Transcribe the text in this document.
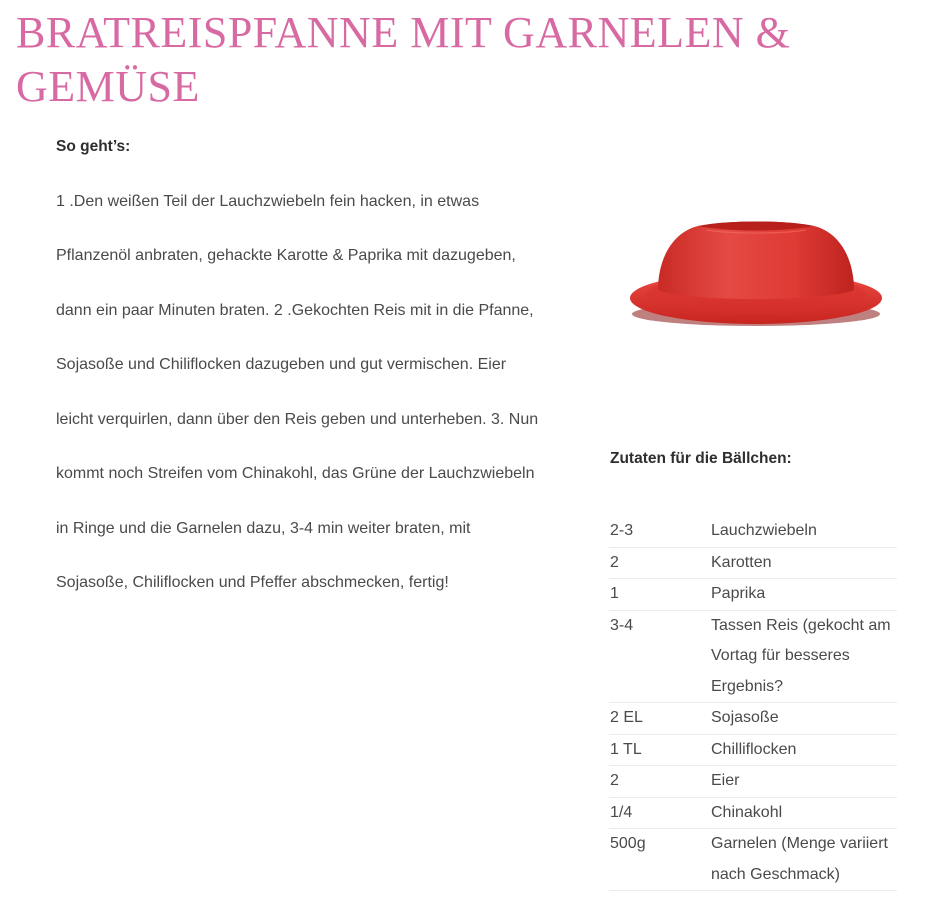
BRATREISPFANNE MIT GARNELEN & GEMÜSE

So geht’s:

1 .Den weißen Teil der Lauchzwiebeln fein hacken, in etwas Pflanzenöl anbraten, gehackte Karotte & Paprika mit dazugeben, dann ein paar Minuten braten. 2 .Gekochten Reis mit in die Pfanne, Sojasoße und Chiliflocken dazugeben und gut vermischen. Eier leicht verquirlen, dann über den Reis geben und unterheben. 3. Nun kommt noch Streifen vom Chinakohl, das Grüne der Lauchzwiebeln in Ringe und die Garnelen dazu, 3-4 min weiter braten, mit Sojasoße, Chiliflocken und Pfeffer abschmecken, fertig!

Zutaten für die Bällchen:

2-3	Lauchzwiebeln
2	Karotten
1	Paprika
3-4	Tassen Reis (gekocht am Vortag für besseres Ergebnis?
2 EL	Sojasoße
1 TL	Chilliflocken
2	Eier
1/4	Chinakohl
500g	Garnelen (Menge variiert nach Geschmack)
